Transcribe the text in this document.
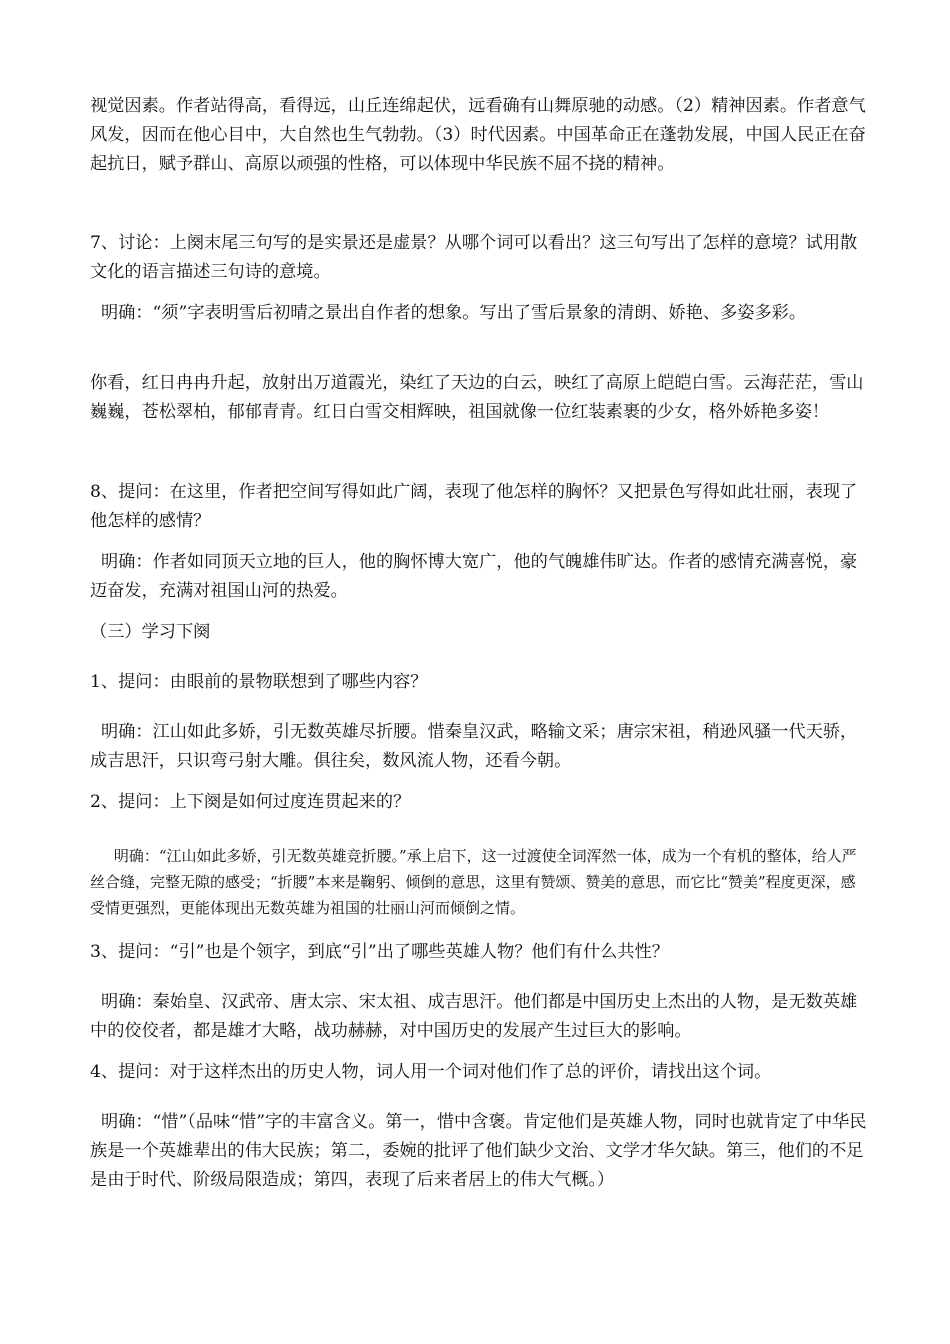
视觉因素。作者站得高，看得远，山丘连绵起伏，远看确有山舞原驰的动感。（2）精神因素。作者意气风发，因而在他心目中，大自然也生气勃勃。（3）时代因素。中国革命正在蓬勃发展，中国人民正在奋起抗日，赋予群山、高原以顽强的性格，可以体现中华民族不屈不挠的精神。

7、讨论：上阕末尾三句写的是实景还是虚景？从哪个词可以看出？这三句写出了怎样的意境？试用散文化的语言描述三句诗的意境。

明确：“须”字表明雪后初晴之景出自作者的想象。写出了雪后景象的清朗、娇艳、多姿多彩。

你看，红日冉冉升起，放射出万道霞光，染红了天边的白云，映红了高原上皑皑白雪。云海茫茫，雪山巍巍，苍松翠柏，郁郁青青。红日白雪交相辉映，祖国就像一位红装素裹的少女，格外娇艳多姿！

8、提问：在这里，作者把空间写得如此广阔，表现了他怎样的胸怀？又把景色写得如此壮丽，表现了他怎样的感情？

明确：作者如同顶天立地的巨人，他的胸怀博大宽广，他的气魄雄伟旷达。作者的感情充满喜悦，豪迈奋发，充满对祖国山河的热爱。

（三）学习下阕

1、提问：由眼前的景物联想到了哪些内容？

明确：江山如此多娇，引无数英雄尽折腰。惜秦皇汉武，略输文采；唐宗宋祖，稍逊风骚一代天骄，成吉思汗，只识弯弓射大雕。俱往矣，数风流人物，还看今朝。

2、提问：上下阕是如何过度连贯起来的？

明确：“江山如此多娇，引无数英雄竞折腰。”承上启下，这一过渡使全词浑然一体，成为一个有机的整体，给人严丝合缝，完整无隙的感受；“折腰”本来是鞠躬、倾倒的意思，这里有赞颂、赞美的意思，而它比“赞美”程度更深，感受情更强烈，更能体现出无数英雄为祖国的壮丽山河而倾倒之情。

3、提问：“引”也是个领字，到底“引”出了哪些英雄人物？他们有什么共性？

明确：秦始皇、汉武帝、唐太宗、宋太祖、成吉思汗。他们都是中国历史上杰出的人物，是无数英雄中的佼佼者，都是雄才大略，战功赫赫，对中国历史的发展产生过巨大的影响。

4、提问：对于这样杰出的历史人物，词人用一个词对他们作了总的评价，请找出这个词。

明确：“惜”（品味“惜”字的丰富含义。第一，惜中含褒。肯定他们是英雄人物，同时也就肯定了中华民族是一个英雄辈出的伟大民族；第二，委婉的批评了他们缺少文治、文学才华欠缺。第三，他们的不足是由于时代、阶级局限造成；第四，表现了后来者居上的伟大气概。）
